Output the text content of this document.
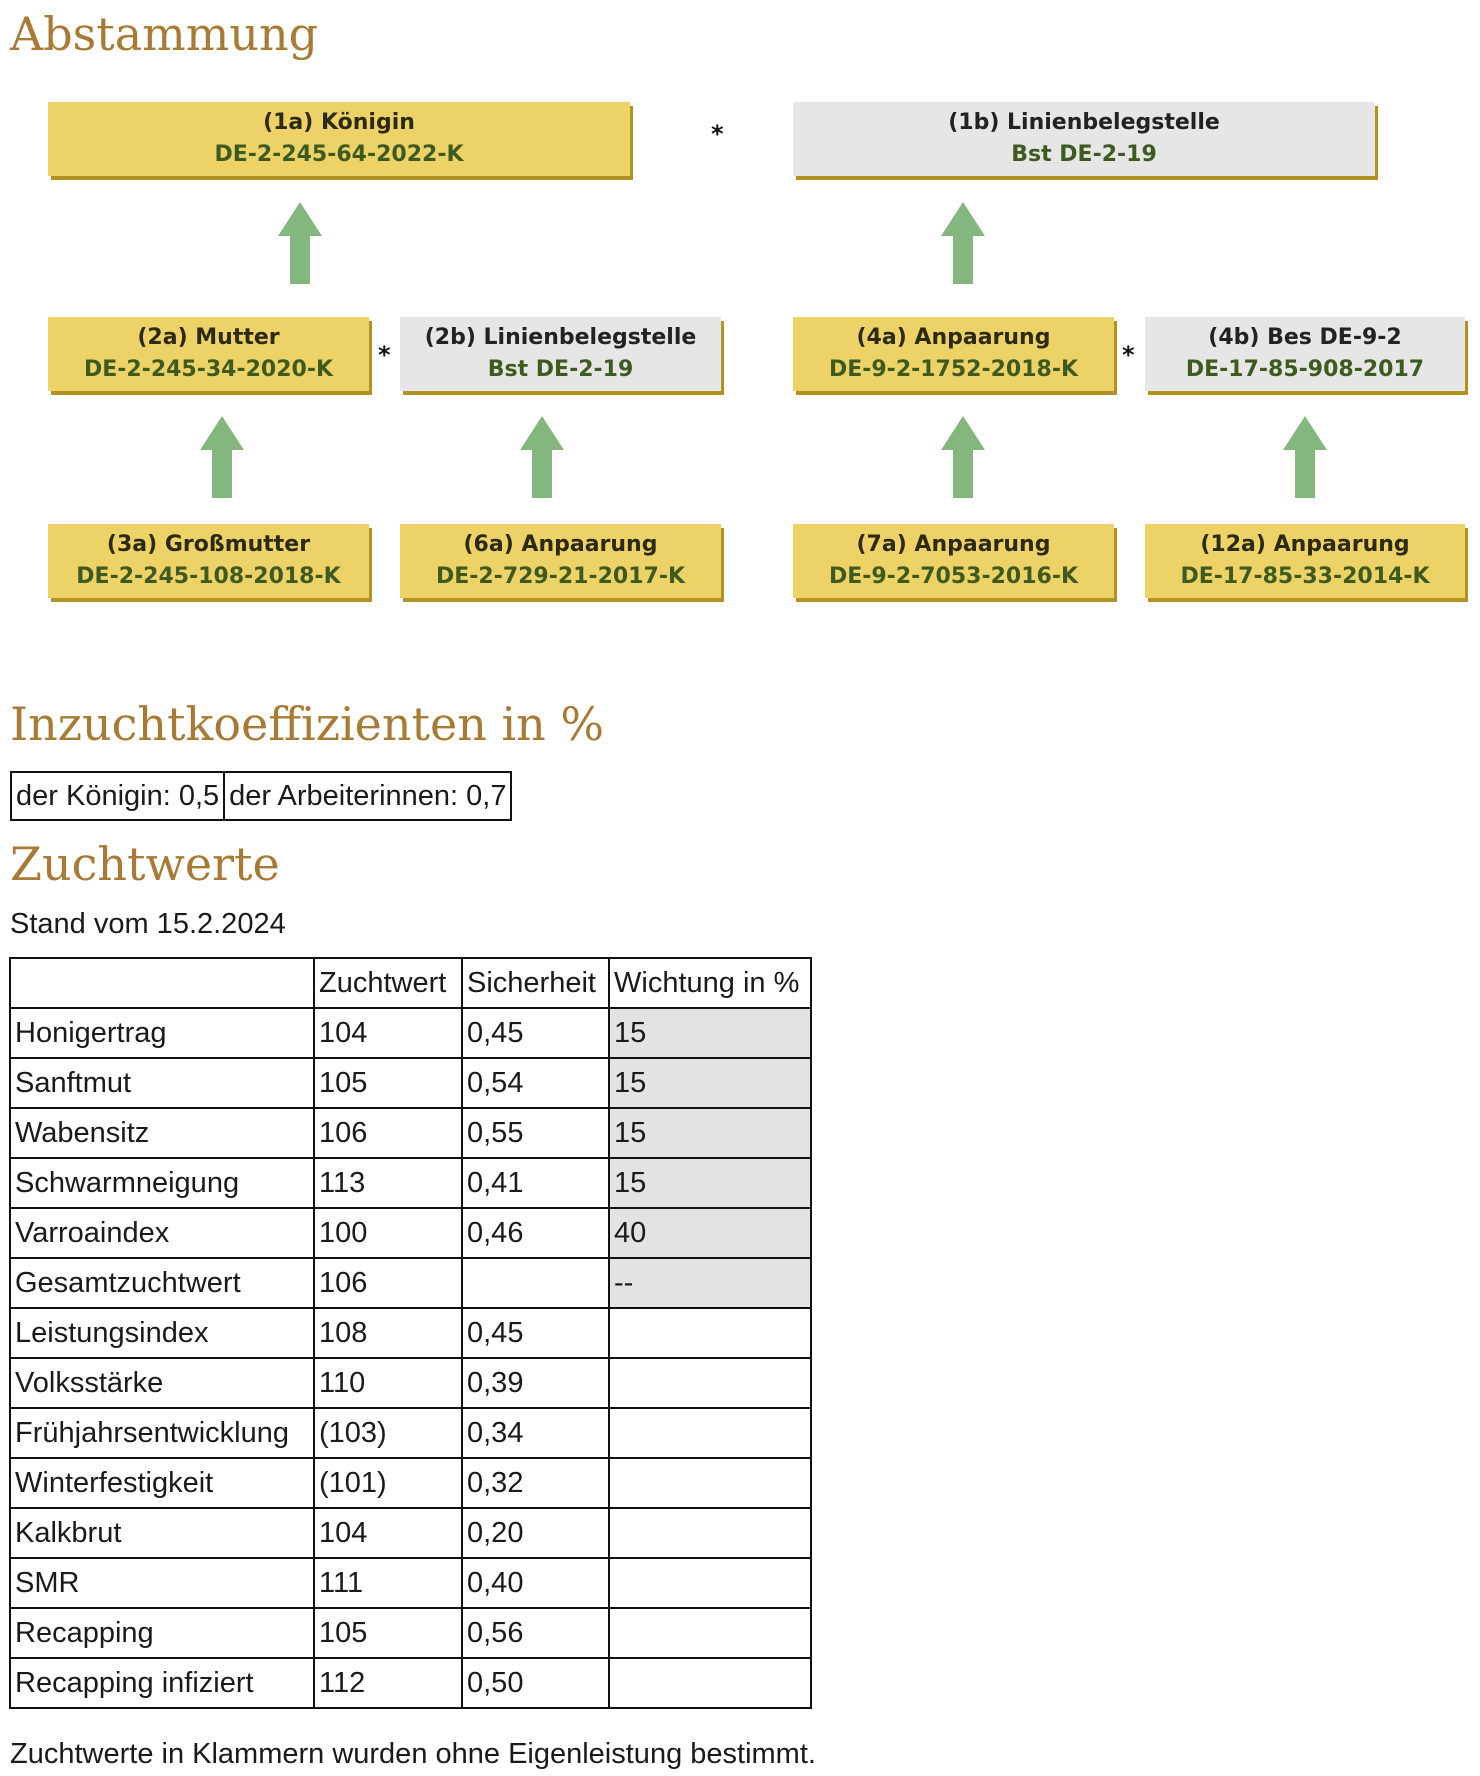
Abstammung
(1a) Königin
DE-2-245-64-2022-K
*	(1b) Linienbelegstelle
Bst DE-2-19
(2a) Mutter
DE-2-245-34-2020-K
*
(2b) Linienbelegstelle
Bst DE-2-19
(4a) Anpaarung
DE-9-2-1752-2018-K
*
(4b) Bes DE-9-2
DE-17-85-908-2017
(3a) Großmutter
DE-2-245-108-2018-K
(6a) Anpaarung
DE-2-729-21-2017-K
(7a) Anpaarung
DE-9-2-7053-2016-K
(12a) Anpaarung
DE-17-85-33-2014-K
Inzuchtkoeffizienten in %
der Königin: 0,5	der Arbeiterinnen: 0,7
Zuchtwerte
Stand vom 15.2.2024
	Zuchtwert	Sicherheit	Wichtung in %
Honigertrag	104	0,45	15
Sanftmut	105	0,54	15
Wabensitz	106	0,55	15
Schwarmneigung	113	0,41	15
Varroaindex	100	0,46	40
Gesamtzuchtwert	106		--
Leistungsindex	108	0,45	
Volksstärke	110	0,39	
Frühjahrsentwicklung	(103)	0,34	
Winterfestigkeit	(101)	0,32	
Kalkbrut	104	0,20	
SMR	111	0,40	
Recapping	105	0,56	
Recapping infiziert	112	0,50	
Zuchtwerte in Klammern wurden ohne Eigenleistung bestimmt.
